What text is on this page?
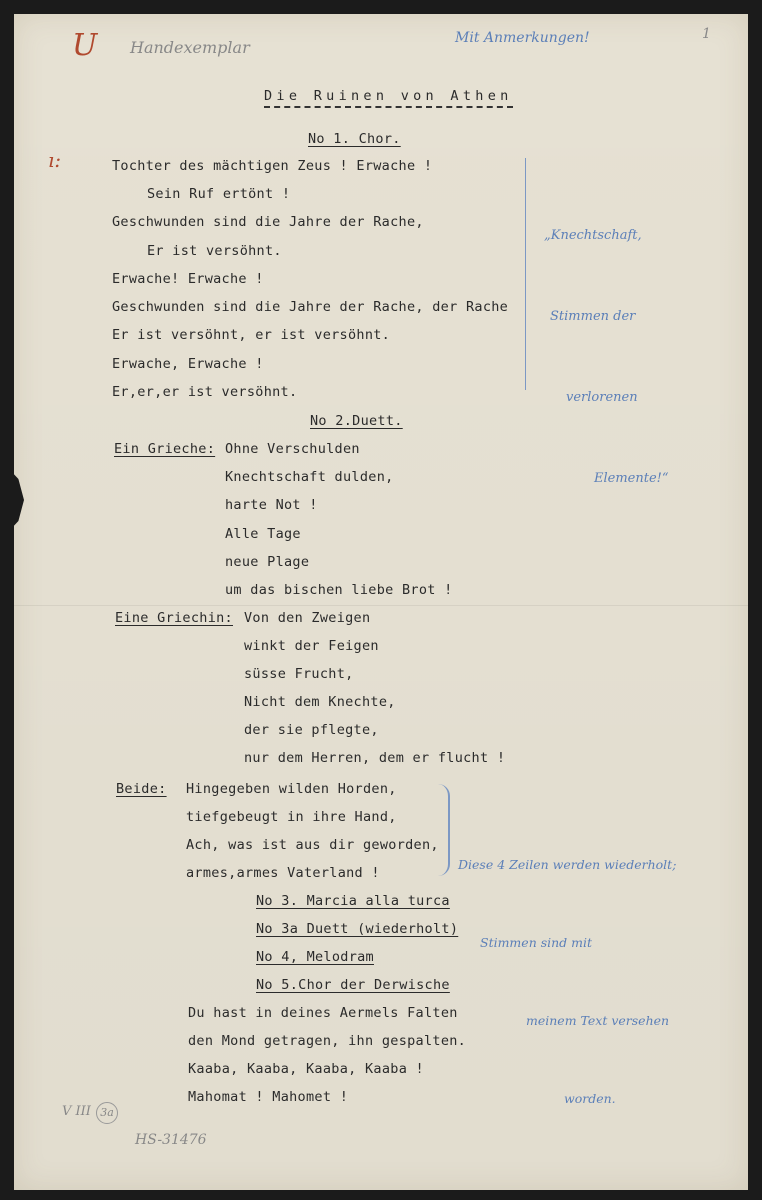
U Handexemplar	Mit Anmerkungen!	1
ı:
Die Ruinen von Athen
No 1. Chor.
Tochter des mächtigen Zeus ! Erwache !
Sein Ruf ertönt !
Geschwunden sind die Jahre der Rache,
Er ist versöhnt.
Erwache! Erwache !
Geschwunden sind die Jahre der Rache, der Rache
Er ist versöhnt, er ist versöhnt.
Erwache, Erwache !
Er,er,er ist versöhnt.

„Knechtschaft,

Stimmen der

verlorenen

Elemente!“

No 2.Duett.
Ein Grieche: Ohne Verschulden
Knechtschaft dulden,
harte Not !
Alle Tage
neue Plage
um das bischen liebe Brot !
Eine Griechin: Von den Zweigen
winkt der Feigen
süsse Frucht,
Nicht dem Knechte,
der sie pflegte,
nur dem Herren, dem er flucht !
Beide: Hingegeben wilden Horden,
tiefgebeugt in ihre Hand,
Ach, was ist aus dir geworden,
armes,armes Vaterland !

Diese 4 Zeilen werden wiederholt;

Stimmen sind mit

meinem Text versehen

worden.

No 3. Marcia alla turca
No 3a Duett (wiederholt)
No 4, Melodram
No 5.Chor der Derwische
Du hast in deines Aermels Falten
den Mond getragen, ihn gespalten.
Kaaba, Kaaba, Kaaba, Kaaba !
Mahomat ! Mahomet !
V III 3a
HS-31476
